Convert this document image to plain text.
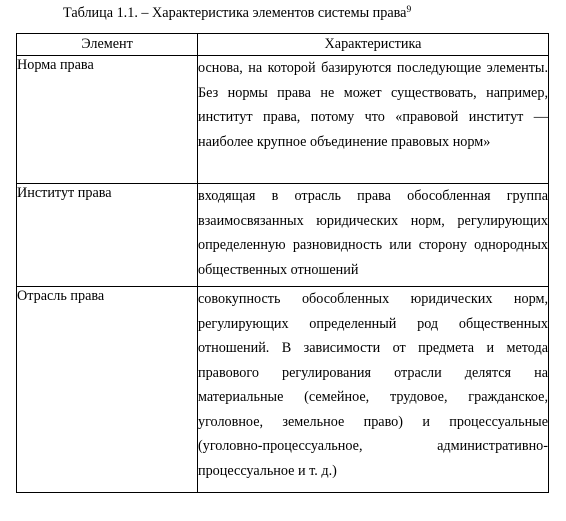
Таблица 1.1. – Характеристика элементов системы права$^9$
Элемент	Характеристика
Норма права	основа, на которой базируются последующие элементы. Без нормы права не может существовать, например, институт права, потому что «правовой институт — наиболее крупное объединение правовых норм»

Институт права	входящая в отрасль права обособленная группа взаимосвязанных юридических норм, регулирующих определенную разновидность или сторону однородных общественных отношений

Отрасль права	совокупность обособленных юридических норм, регулирующих определенный род общественных отношений. В зависимости от предмета и метода правового регулирования отрасли делятся на материальные (семейное, трудовое, гражданское, уголовное, земельное право) и процессуальные (уголовно-процессуальное, административно-процессуальное и т. д.)
